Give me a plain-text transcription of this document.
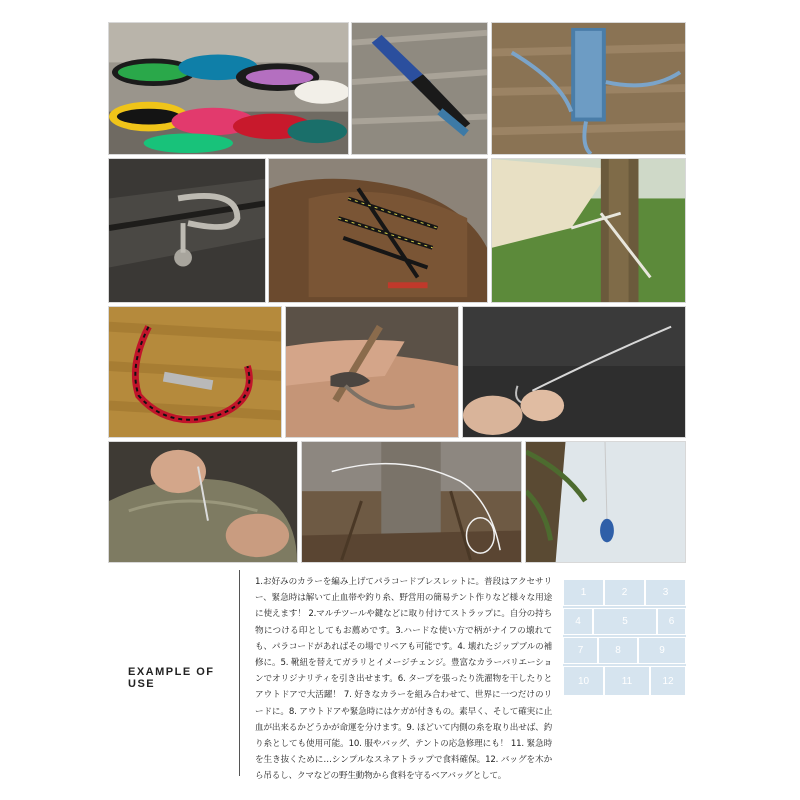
EXAMPLE OF USE
1.お好みのカラーを編み上げてパラコードブレスレットに。普段はアクセサリー、緊急時は解いて止血帯や釣り糸、野営用の簡易テント作りなど様々な用途に使えます！ 2.マルチツールや鍵などに取り付けてストラップに。自分の持ち物につける印としてもお薦めです。3.ハードな使い方で柄がナイフの壊れても、パラコードがあればその場でリペアも可能です。4. 壊れたジップブルの補修に。5. 靴紐を替えてガラリとイメージチェンジ。豊富なカラーバリエーションでオリジナリティを引き出せます。6. タープを張ったり洗濯物を干したりとアウトドアで大活躍！ 7. 好きなカラーを組み合わせて、世界に一つだけのリードに。8. アウトドアや緊急時にはケガが付きもの。素早く、そして確実に止血が出来るかどうかが命運を分けます。9. ほどいて内側の糸を取り出せば、釣り糸としても使用可能。10. 服やバッグ、テントの応急修理にも！ 11. 緊急時を生き抜くために…シンプルなスネアトラップで食料確保。12. バッグを木から吊るし、クマなどの野生動物から食料を守るベアバッグとして。
1	2	3
4	5	6
7	8	9
10	11	12
